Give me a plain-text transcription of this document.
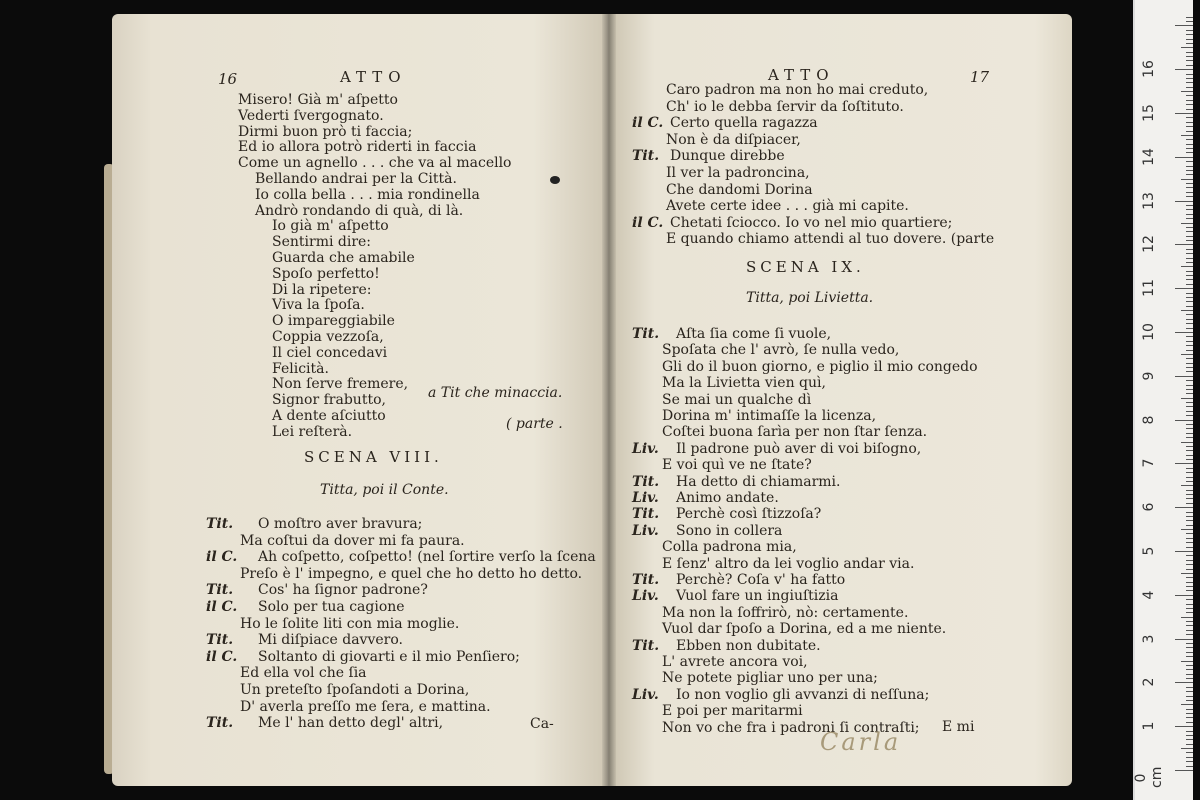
16	ATTO
Misero! Già m' aſpetto
Vederti ſvergognato.
Dirmi buon prò ti faccia;
Ed io allora potrò riderti in faccia
Come un agnello . . . che va al macello
Bellando andrai per la Città.
Io colla bella . . . mia rondinella
Andrò rondando di quà, di là.
Io già m' aſpetto
Sentirmi dire:
Guarda che amabile
Spoſo perfetto!
Di la ripetere:
Viva la ſpoſa.
O impareggiabile
Coppia vezzoſa,
Il ciel concedavi
Felicità.
Non ſerve fremere,
Signor frabutto,
A dente aſciutto
Lei reſterà.
a Tit che minaccia.
( parte .
SCENA VIII.
Titta, poi il Conte.
Tit. O moſtro aver bravura;
Ma coſtui da dover mi fa paura.
il C. Ah coſpetto, coſpetto! (nel ſortire verſo la ſcena
Preſo è l' impegno, e quel che ho detto ho detto.
Tit. Cos' ha ſignor padrone?
il C. Solo per tua cagione
Ho le ſolite liti con mia moglie.
Tit. Mi diſpiace davvero.
il C. Soltanto di giovarti e il mio Penſiero;
Ed ella vol che ſia
Un preteſto ſpoſandoti a Dorina,
D' averla preſſo me ſera, e mattina.
Tit. Me l' han detto degl' altri,	Ca-
ATTO	17
Caro padron ma non ho mai creduto,
Ch' io le debba ſervir da ſoſtituto.
il C. Certo quella ragazza
Non è da diſpiacer,
Tit. Dunque direbbe
Il ver la padroncina,
Che dandomi Dorina
Avete certe idee . . . già mi capite.
il C. Chetati ſciocco. Io vo nel mio quartiere;
E quando chiamo attendi al tuo dovere. (parte
SCENA IX.
Titta, poi Livietta.
Tit. Aſta ſia come ſi vuole,
Spoſata che l' avrò, ſe nulla vedo,
Gli do il buon giorno, e piglio il mio congedo
Ma la Livietta vien quì,
Se mai un qualche dì
Dorina m' intimaſſe la licenza,
Coſtei buona ſarìa per non ſtar ſenza.
Liv. Il padrone può aver di voi biſogno,
E voi quì ve ne ſtate?
Tit. Ha detto di chiamarmi.
Liv. Animo andate.
Tit. Perchè così ſtizzoſa?
Liv. Sono in collera
Colla padrona mia,
E ſenz' altro da lei voglio andar via.
Tit. Perchè? Coſa v' ha fatto
Liv. Vuol fare un ingiuſtizia
Ma non la ſoffrirò, nò: certamente.
Vuol dar ſpoſo a Dorina, ed a me niente.
Tit. Ebben non dubitate.
L' avrete ancora voi,
Ne potete pigliar uno per una;
Liv. Io non voglio gli avvanzi di neſſuna;
E poi per maritarmi
Non vo che fra i padroni ſi contraſti; E mi
Carla
0 cm
1
2
3
4
5
6
7
8
9
10
11
12
13
14
15
16
